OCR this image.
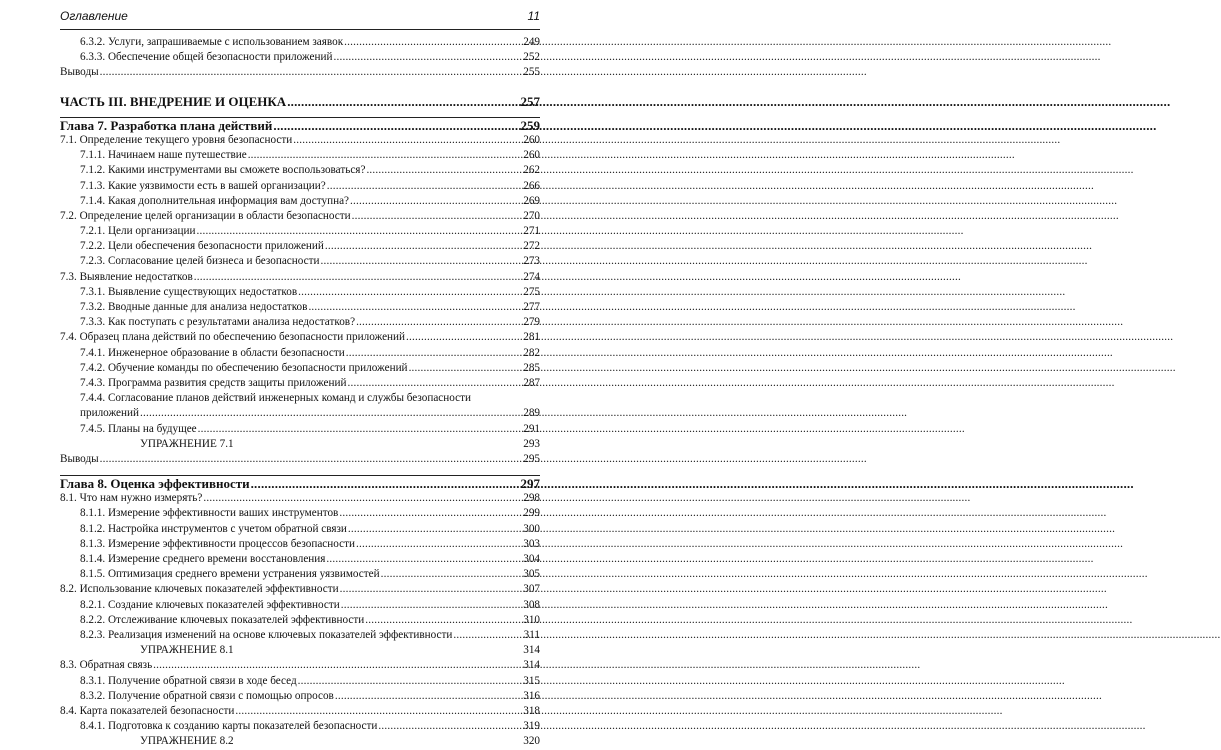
Оглавление	11
6.3.2. Услуги, запрашиваемые с использованием заявок .....	249
6.3.3. Обеспечение общей безопасности приложений .....	252
Выводы .....	255
ЧАСТЬ III. ВНЕДРЕНИЕ И ОЦЕНКА .....	257
Глава 7. Разработка плана действий .....	259
7.1. Определение текущего уровня безопасности .....	260
7.1.1. Начинаем наше путешествие .....	260
7.1.2. Какими инструментами вы сможете воспользоваться? .....	262
7.1.3. Какие уязвимости есть в вашей организации? .....	266
7.1.4. Какая дополнительная информация вам доступна? .....	269
7.2. Определение целей организации в области безопасности .....	270
7.2.1. Цели организации .....	271
7.2.2. Цели обеспечения безопасности приложений .....	272
7.2.3. Согласование целей бизнеса и безопасности .....	273
7.3. Выявление недостатков .....	274
7.3.1. Выявление существующих недостатков .....	275
7.3.2. Вводные данные для анализа недостатков .....	277
7.3.3. Как поступать с результатами анализа недостатков? .....	279
7.4. Образец плана действий по обеспечению безопасности приложений .....	281
7.4.1. Инженерное образование в области безопасности .....	282
7.4.2. Обучение команды по обеспечению безопасности приложений .....	285
7.4.3. Программа развития средств защиты приложений .....	287
7.4.4. Согласование планов действий инженерных команд и службы безопасности
приложений .....	289
7.4.5. Планы на будущее .....	291
УПРАЖНЕНИЕ 7.1	293
Выводы .....	295
Глава 8. Оценка эффективности .....	297
8.1. Что нам нужно измерять? .....	298
8.1.1. Измерение эффективности ваших инструментов .....	299
8.1.2. Настройка инструментов с учетом обратной связи .....	300
8.1.3. Измерение эффективности процессов безопасности .....	303
8.1.4. Измерение среднего времени восстановления .....	304
8.1.5. Оптимизация среднего времени устранения уязвимостей .....	305
8.2. Использование ключевых показателей эффективности .....	307
8.2.1. Создание ключевых показателей эффективности .....	308
8.2.2. Отслеживание ключевых показателей эффективности .....	310
8.2.3. Реализация изменений на основе ключевых показателей эффективности .....	311
УПРАЖНЕНИЕ 8.1	314
8.3. Обратная связь .....	314
8.3.1. Получение обратной связи в ходе бесед .....	315
8.3.2. Получение обратной связи с помощью опросов .....	316
8.4. Карта показателей безопасности .....	318
8.4.1. Подготовка к созданию карты показателей безопасности .....	319
УПРАЖНЕНИЕ 8.2	320
